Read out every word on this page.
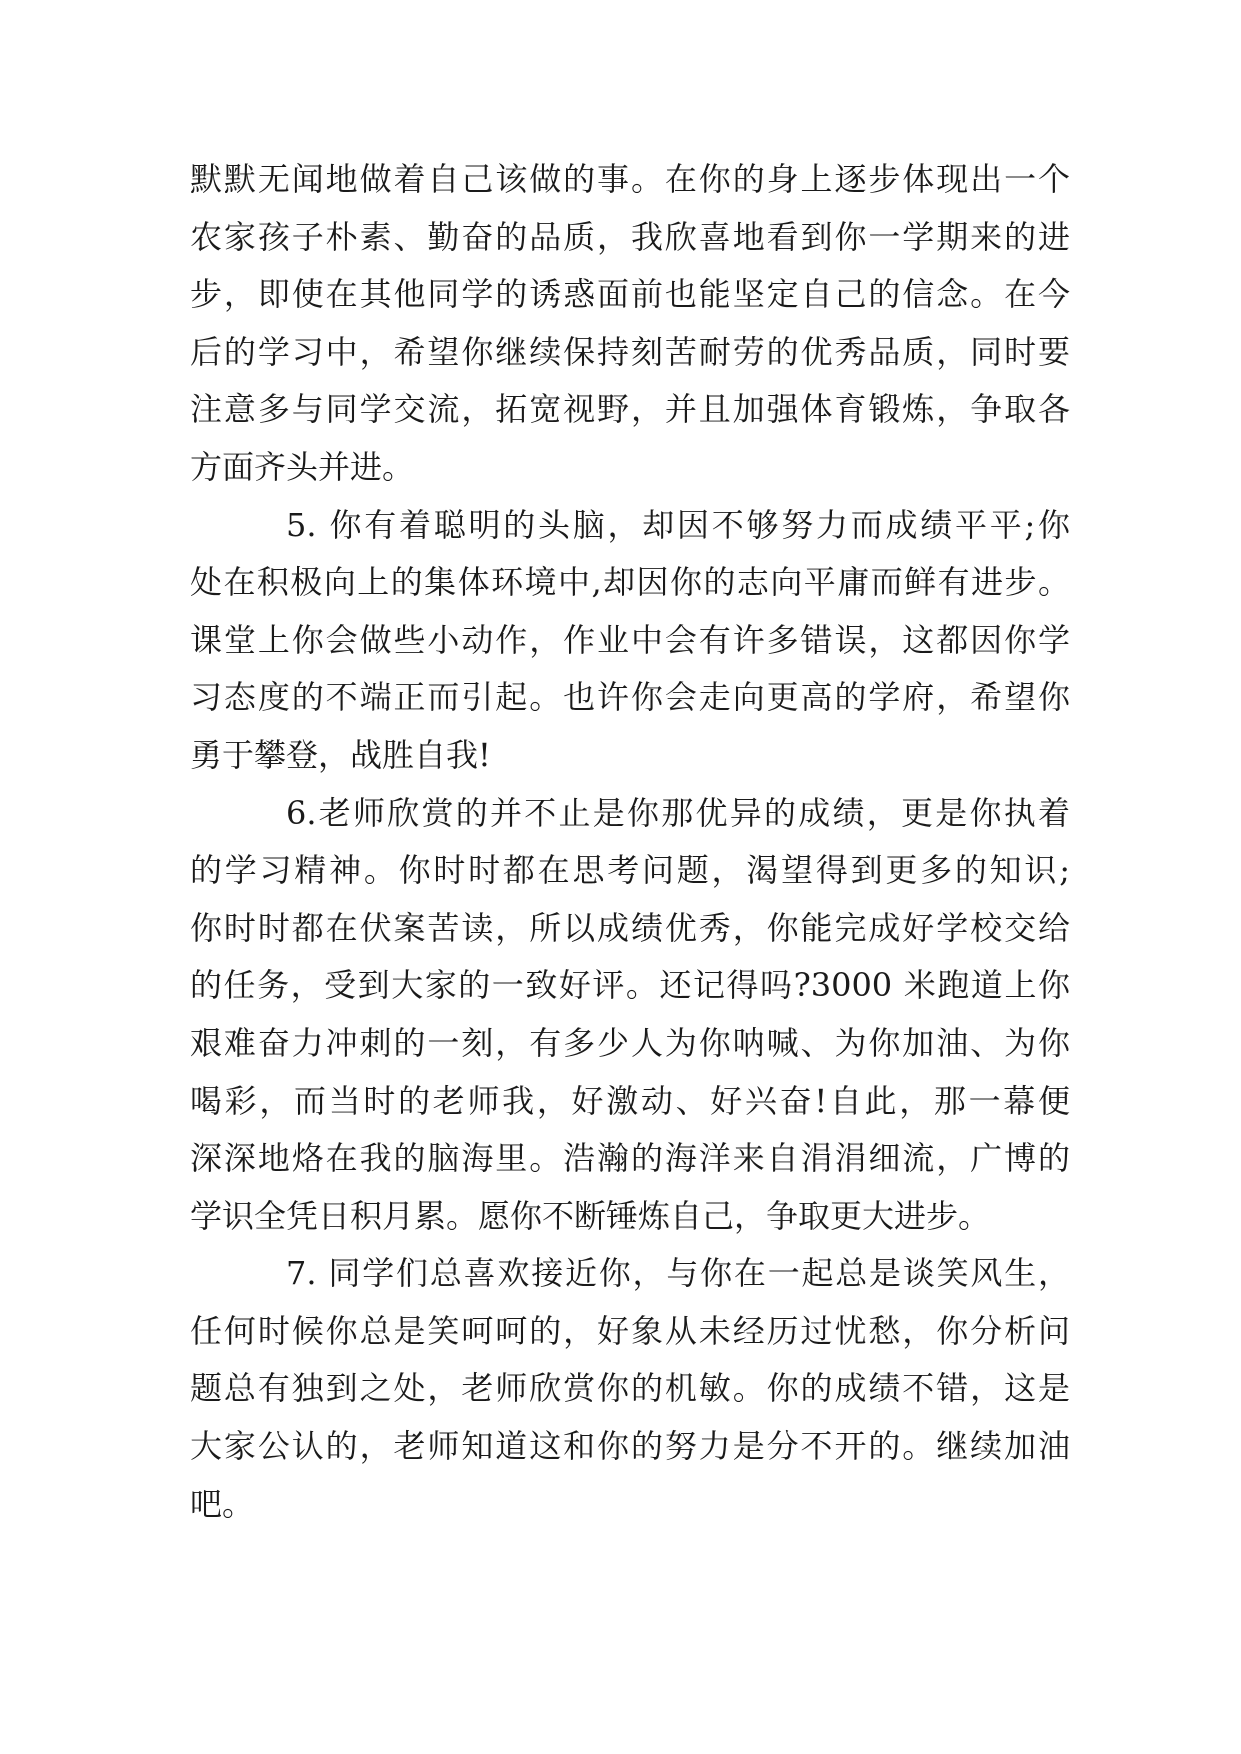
默默无闻地做着自己该做的事。在你的身上逐步体现出一个
农家孩子朴素、勤奋的品质，我欣喜地看到你一学期来的进
步，即使在其他同学的诱惑面前也能坚定自己的信念。在今
后的学习中，希望你继续保持刻苦耐劳的优秀品质，同时要
注意多与同学交流，拓宽视野，并且加强体育锻炼，争取各
方面齐头并进。
5. 你有着聪明的头脑，却因不够努力而成绩平平;你
处在积极向上的集体环境中,却因你的志向平庸而鲜有进步。
课堂上你会做些小动作，作业中会有许多错误，这都因你学
习态度的不端正而引起。也许你会走向更高的学府，希望你
勇于攀登，战胜自我!
6.老师欣赏的并不止是你那优异的成绩，更是你执着
的学习精神。你时时都在思考问题，渴望得到更多的知识;
你时时都在伏案苦读，所以成绩优秀，你能完成好学校交给
的任务，受到大家的一致好评。还记得吗?3000 米跑道上你
艰难奋力冲刺的一刻，有多少人为你呐喊、为你加油、为你
喝彩，而当时的老师我，好激动、好兴奋!自此，那一幕便
深深地烙在我的脑海里。浩瀚的海洋来自涓涓细流，广博的
学识全凭日积月累。愿你不断锤炼自己，争取更大进步。
7. 同学们总喜欢接近你，与你在一起总是谈笑风生，
任何时候你总是笑呵呵的，好象从未经历过忧愁，你分析问
题总有独到之处，老师欣赏你的机敏。你的成绩不错，这是
大家公认的，老师知道这和你的努力是分不开的。继续加油
吧。
